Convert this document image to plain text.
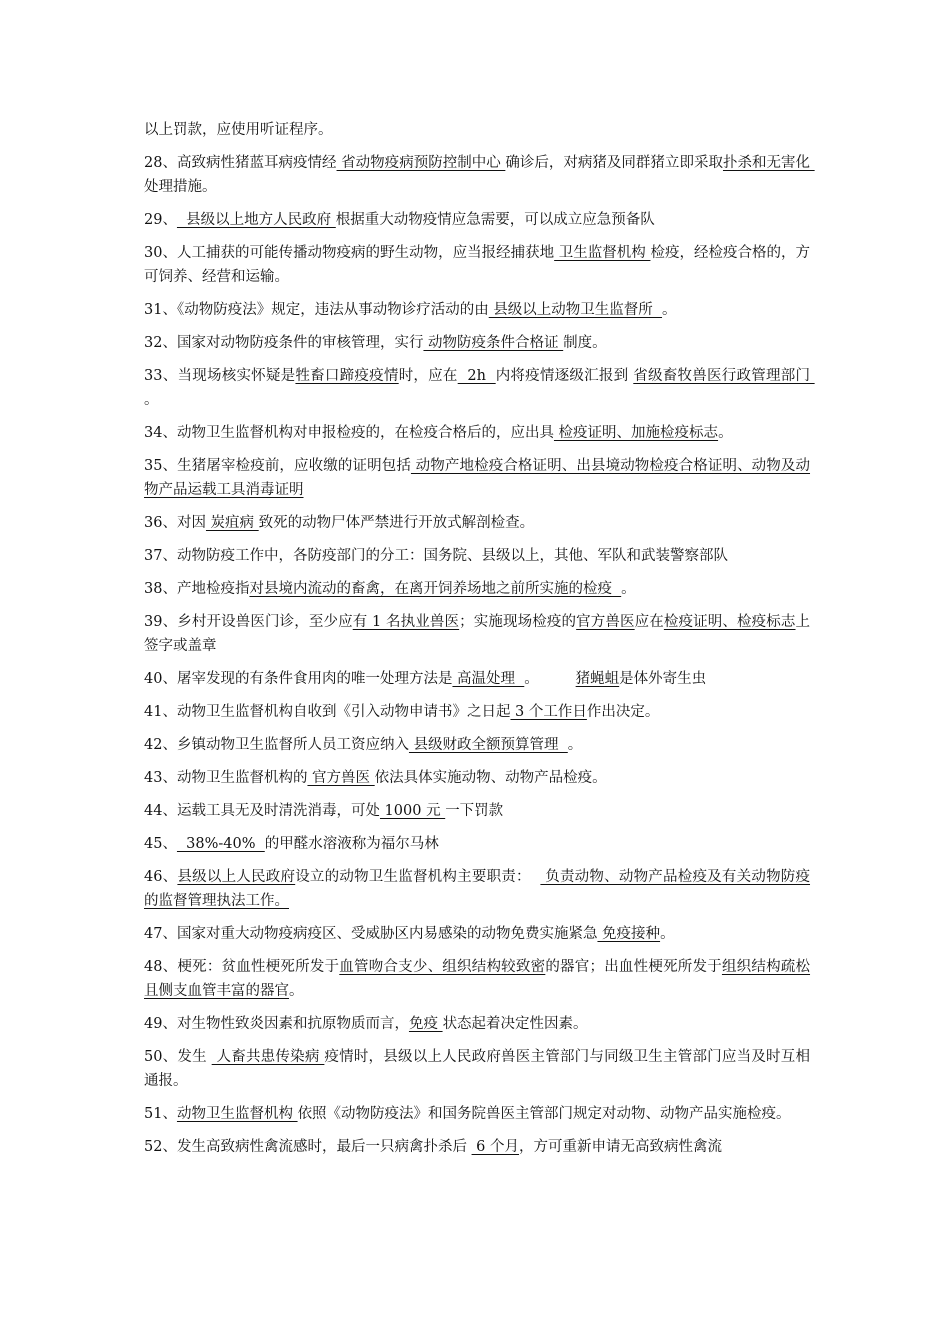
以上罚款，应使用听证程序。

28、高致病性猪蓝耳病疫情经 省动物疫病预防控制中心 确诊后，对病猪及同群猪立即采取扑杀和无害化 处理措施。

29、  县级以上地方人民政府 根据重大动物疫情应急需要，可以成立应急预备队

30、人工捕获的可能传播动物疫病的野生动物，应当报经捕获地 卫生监督机构 检疫，经检疫合格的，方可饲养、经营和运输。

31、《动物防疫法》规定，违法从事动物诊疗活动的由 县级以上动物卫生监督所  。

32、国家对动物防疫条件的审核管理，实行 动物防疫条件合格证 制度。

33、当现场核实怀疑是牲畜口蹄疫疫情时，应在  2h  内将疫情逐级汇报到 省级畜牧兽医行政管理部门 。

34、动物卫生监督机构对申报检疫的，在检疫合格后的，应出具 检疫证明、加施检疫标志。

35、生猪屠宰检疫前，应收缴的证明包括 动物产地检疫合格证明、出县境动物检疫合格证明、动物及动物产品运载工具消毒证明

36、对因 炭疽病 致死的动物尸体严禁进行开放式解剖检查。

37、动物防疫工作中，各防疫部门的分工：国务院、县级以上，其他、军队和武装警察部队

38、产地检疫指对县境内流动的畜禽，在离开饲养场地之前所实施的检疫  。

39、乡村开设兽医门诊，至少应有 1 名执业兽医；实施现场检疫的官方兽医应在检疫证明、检疫标志上签字或盖章

40、屠宰发现的有条件食用肉的唯一处理方法是 高温处理  。        猪蝇蛆是体外寄生虫

41、动物卫生监督机构自收到《引入动物申请书》之日起 3 个工作日作出决定。

42、乡镇动物卫生监督所人员工资应纳入 县级财政全额预算管理  。

43、动物卫生监督机构的 官方兽医 依法具体实施动物、动物产品检疫。

44、运载工具无及时清洗消毒，可处 1000 元 一下罚款

45、  38%-40%  的甲醛水溶液称为福尔马林

46、县级以上人民政府设立的动物卫生监督机构主要职责：   负责动物、动物产品检疫及有关动物防疫的监督管理执法工作。

47、国家对重大动物疫病疫区、受威胁区内易感染的动物免费实施紧急 免疫接种。

48、梗死：贫血性梗死所发于血管吻合支少、组织结构较致密的器官；出血性梗死所发于组织结构疏松且侧支血管丰富的器官。

49、对生物性致炎因素和抗原物质而言，免疫 状态起着决定性因素。

50、发生  人畜共患传染病 疫情时，县级以上人民政府兽医主管部门与同级卫生主管部门应当及时互相通报。

51、动物卫生监督机构 依照《动物防疫法》和国务院兽医主管部门规定对动物、动物产品实施检疫。

52、发生高致病性禽流感时，最后一只病禽扑杀后  6 个月，方可重新申请无高致病性禽流
